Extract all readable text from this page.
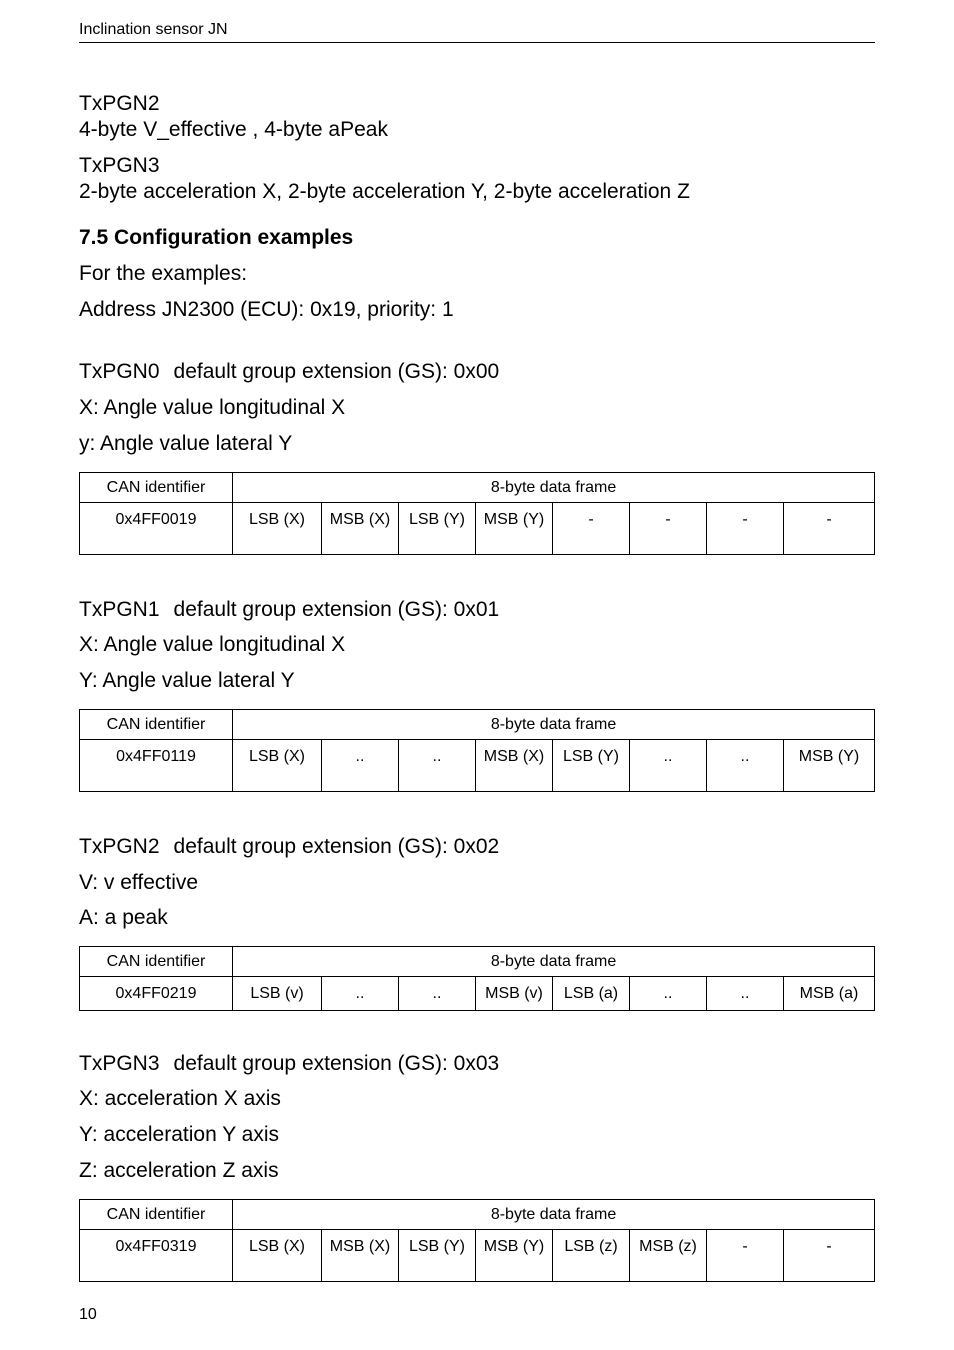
Inclination sensor JN
TxPGN2
4-byte V_effective , 4-byte aPeak
TxPGN3
2-byte acceleration X, 2-byte acceleration Y, 2-byte acceleration Z
7.5 Configuration examples
For the examples:
Address JN2300 (ECU): 0x19, priority: 1
TxPGN0 default group extension (GS): 0x00
X: Angle value longitudinal X
y: Angle value lateral Y
CAN identifier	8-byte data frame							
0x4FF0019	LSB (X)	MSB (X)	LSB (Y)	MSB (Y)	-	-	-	-
TxPGN1 default group extension (GS): 0x01
X: Angle value longitudinal X
Y: Angle value lateral Y
CAN identifier	8-byte data frame							
0x4FF0119	LSB (X)	..	..	MSB (X)	LSB (Y)	..	..	MSB (Y)
TxPGN2 default group extension (GS): 0x02
V: v effective
A: a peak
CAN identifier	8-byte data frame							
0x4FF0219	LSB (v)	..	..	MSB (v)	LSB (a)	..	..	MSB (a)
TxPGN3 default group extension (GS): 0x03
X: acceleration X axis
Y: acceleration Y axis
Z: acceleration Z axis
CAN identifier	8-byte data frame							
0x4FF0319	LSB (X)	MSB (X)	LSB (Y)	MSB (Y)	LSB (z)	MSB (z)	-	-
10
